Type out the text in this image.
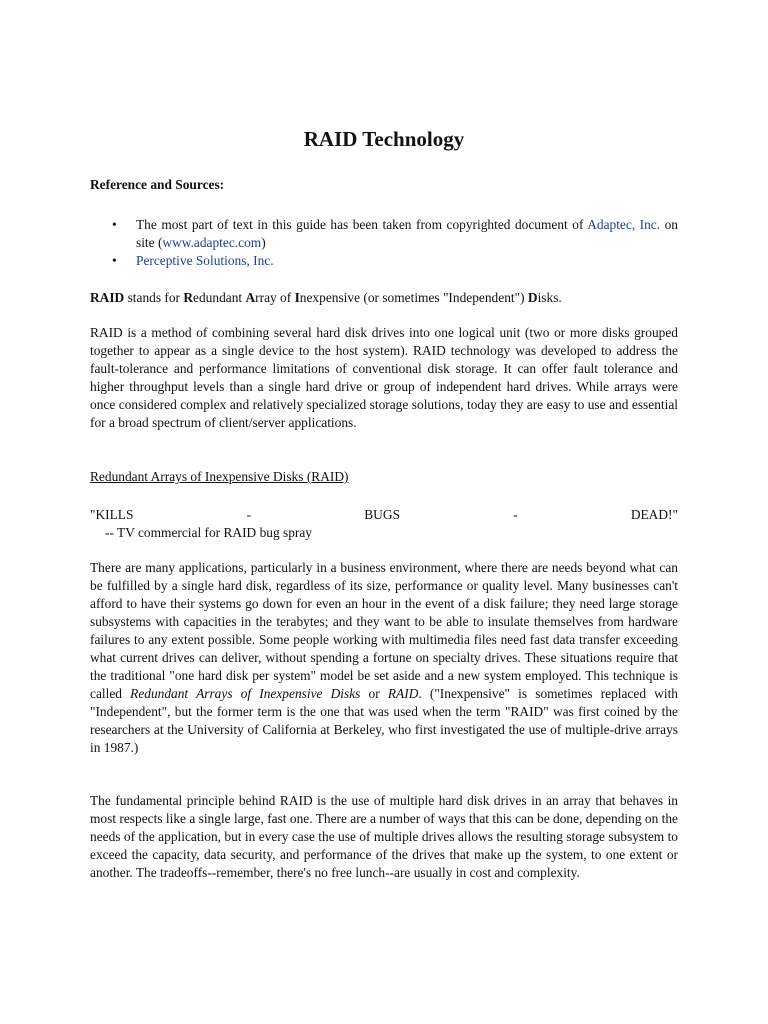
RAID Technology
Reference and Sources:
• The most part of text in this guide has been taken from copyrighted document of Adaptec, Inc. on site (www.adaptec.com)
• Perceptive Solutions, Inc.

RAID stands for Redundant Array of Inexpensive (or sometimes "Independent") Disks.

RAID is a method of combining several hard disk drives into one logical unit (two or more disks grouped together to appear as a single device to the host system). RAID technology was developed to address the fault-tolerance and performance limitations of conventional disk storage. It can offer fault tolerance and higher throughput levels than a single hard drive or group of independent hard drives. While arrays were once considered complex and relatively specialized storage solutions, today they are easy to use and essential for a broad spectrum of client/server applications.

Redundant Arrays of Inexpensive Disks (RAID)
"KILLS	-	BUGS	-	DEAD!"
-- TV commercial for RAID bug spray

There are many applications, particularly in a business environment, where there are needs beyond what can be fulfilled by a single hard disk, regardless of its size, performance or quality level. Many businesses can't afford to have their systems go down for even an hour in the event of a disk failure; they need large storage subsystems with capacities in the terabytes; and they want to be able to insulate themselves from hardware failures to any extent possible. Some people working with multimedia files need fast data transfer exceeding what current drives can deliver, without spending a fortune on specialty drives. These situations require that the traditional "one hard disk per system" model be set aside and a new system employed. This technique is called Redundant Arrays of Inexpensive Disks or RAID. ("Inexpensive" is sometimes replaced with "Independent", but the former term is the one that was used when the term "RAID" was first coined by the researchers at the University of California at Berkeley, who first investigated the use of multiple-drive arrays in 1987.)

The fundamental principle behind RAID is the use of multiple hard disk drives in an array that behaves in most respects like a single large, fast one. There are a number of ways that this can be done, depending on the needs of the application, but in every case the use of multiple drives allows the resulting storage subsystem to exceed the capacity, data security, and performance of the drives that make up the system, to one extent or another. The tradeoffs--remember, there's no free lunch--are usually in cost and complexity.
